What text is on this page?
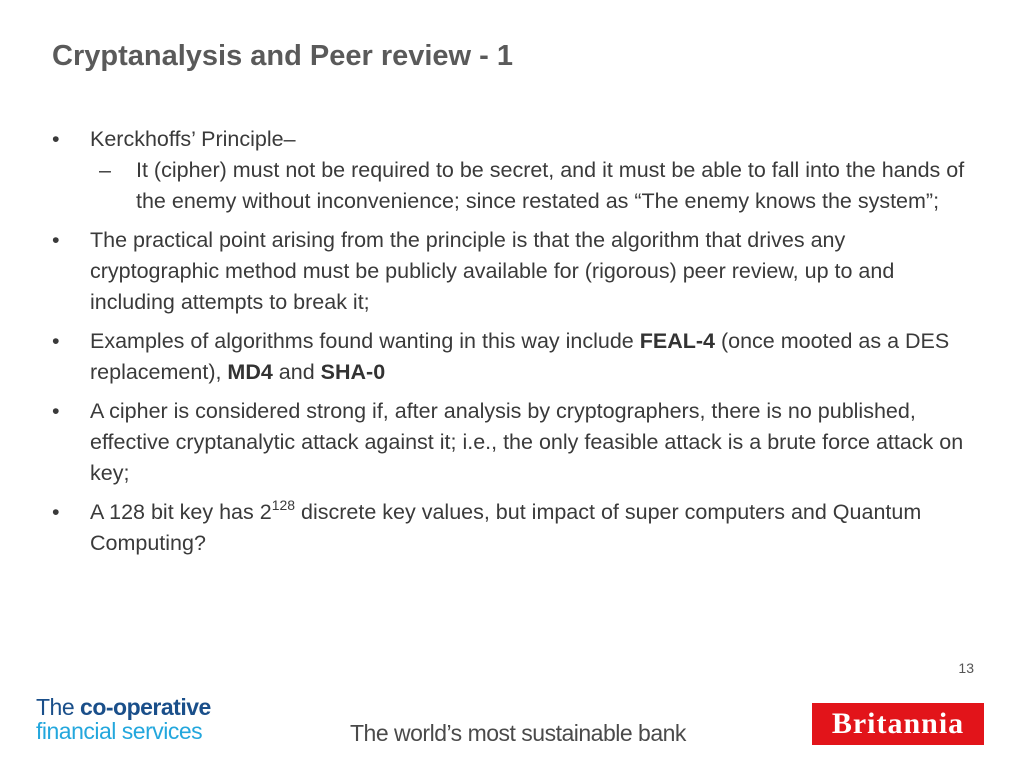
Cryptanalysis and Peer review - 1
• Kerckhoffs’ Principle–
– It (cipher) must not be required to be secret, and it must be able to fall into the hands of the enemy without inconvenience; since restated as “The enemy knows the system”;
• The practical point arising from the principle is that the algorithm that drives any cryptographic method must be publicly available for (rigorous) peer review, up to and including attempts to break it;
• Examples of algorithms found wanting in this way include FEAL-4 (once mooted as a DES replacement), MD4 and SHA-0
• A cipher is considered strong if, after analysis by cryptographers, there is no published, effective cryptanalytic attack against it; i.e., the only feasible attack is a brute force attack on key;
• A 128 bit key has $2^{128}$ discrete key values, but impact of super computers and Quantum Computing?
13
The co-operative
financial services	The world’s most sustainable bank	Britannia
